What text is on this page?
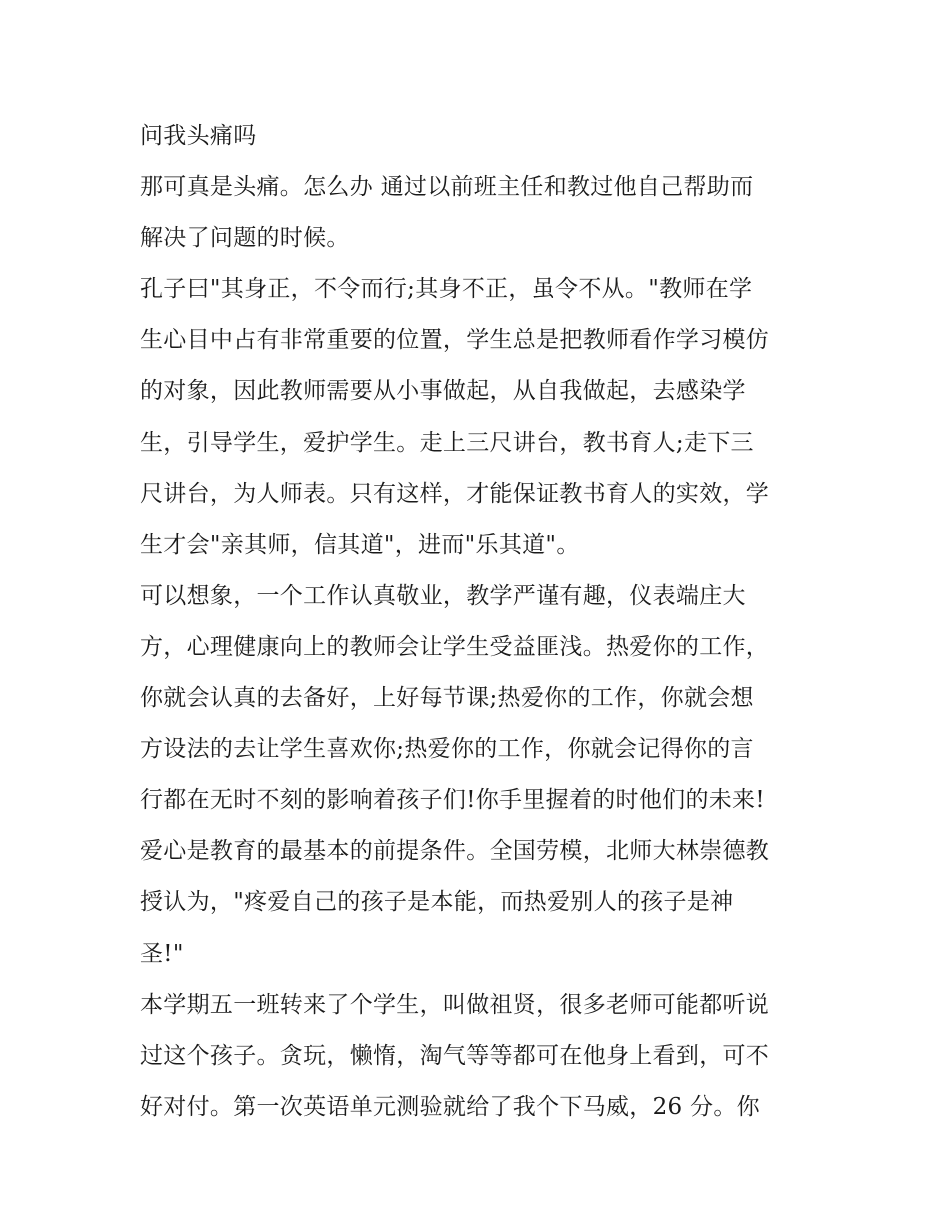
问我头痛吗
那可真是头痛。怎么办 通过以前班主任和教过他自己帮助而
解决了问题的时候。
孔子曰"其身正，不令而行;其身不正，虽令不从。"教师在学
生心目中占有非常重要的位置，学生总是把教师看作学习模仿
的对象，因此教师需要从小事做起，从自我做起，去感染学
生，引导学生，爱护学生。走上三尺讲台，教书育人;走下三
尺讲台，为人师表。只有这样，才能保证教书育人的实效，学
生才会"亲其师，信其道"，进而"乐其道"。
可以想象，一个工作认真敬业，教学严谨有趣，仪表端庄大
方，心理健康向上的教师会让学生受益匪浅。热爱你的工作，
你就会认真的去备好，上好每节课;热爱你的工作，你就会想
方设法的去让学生喜欢你;热爱你的工作，你就会记得你的言
行都在无时不刻的影响着孩子们!你手里握着的时他们的未来!
爱心是教育的最基本的前提条件。全国劳模，北师大林崇德教
授认为，"疼爱自己的孩子是本能，而热爱别人的孩子是神
圣!"
本学期五一班转来了个学生，叫做祖贤，很多老师可能都听说
过这个孩子。贪玩，懒惰，淘气等等都可在他身上看到，可不
好对付。第一次英语单元测验就给了我个下马威，26 分。你
